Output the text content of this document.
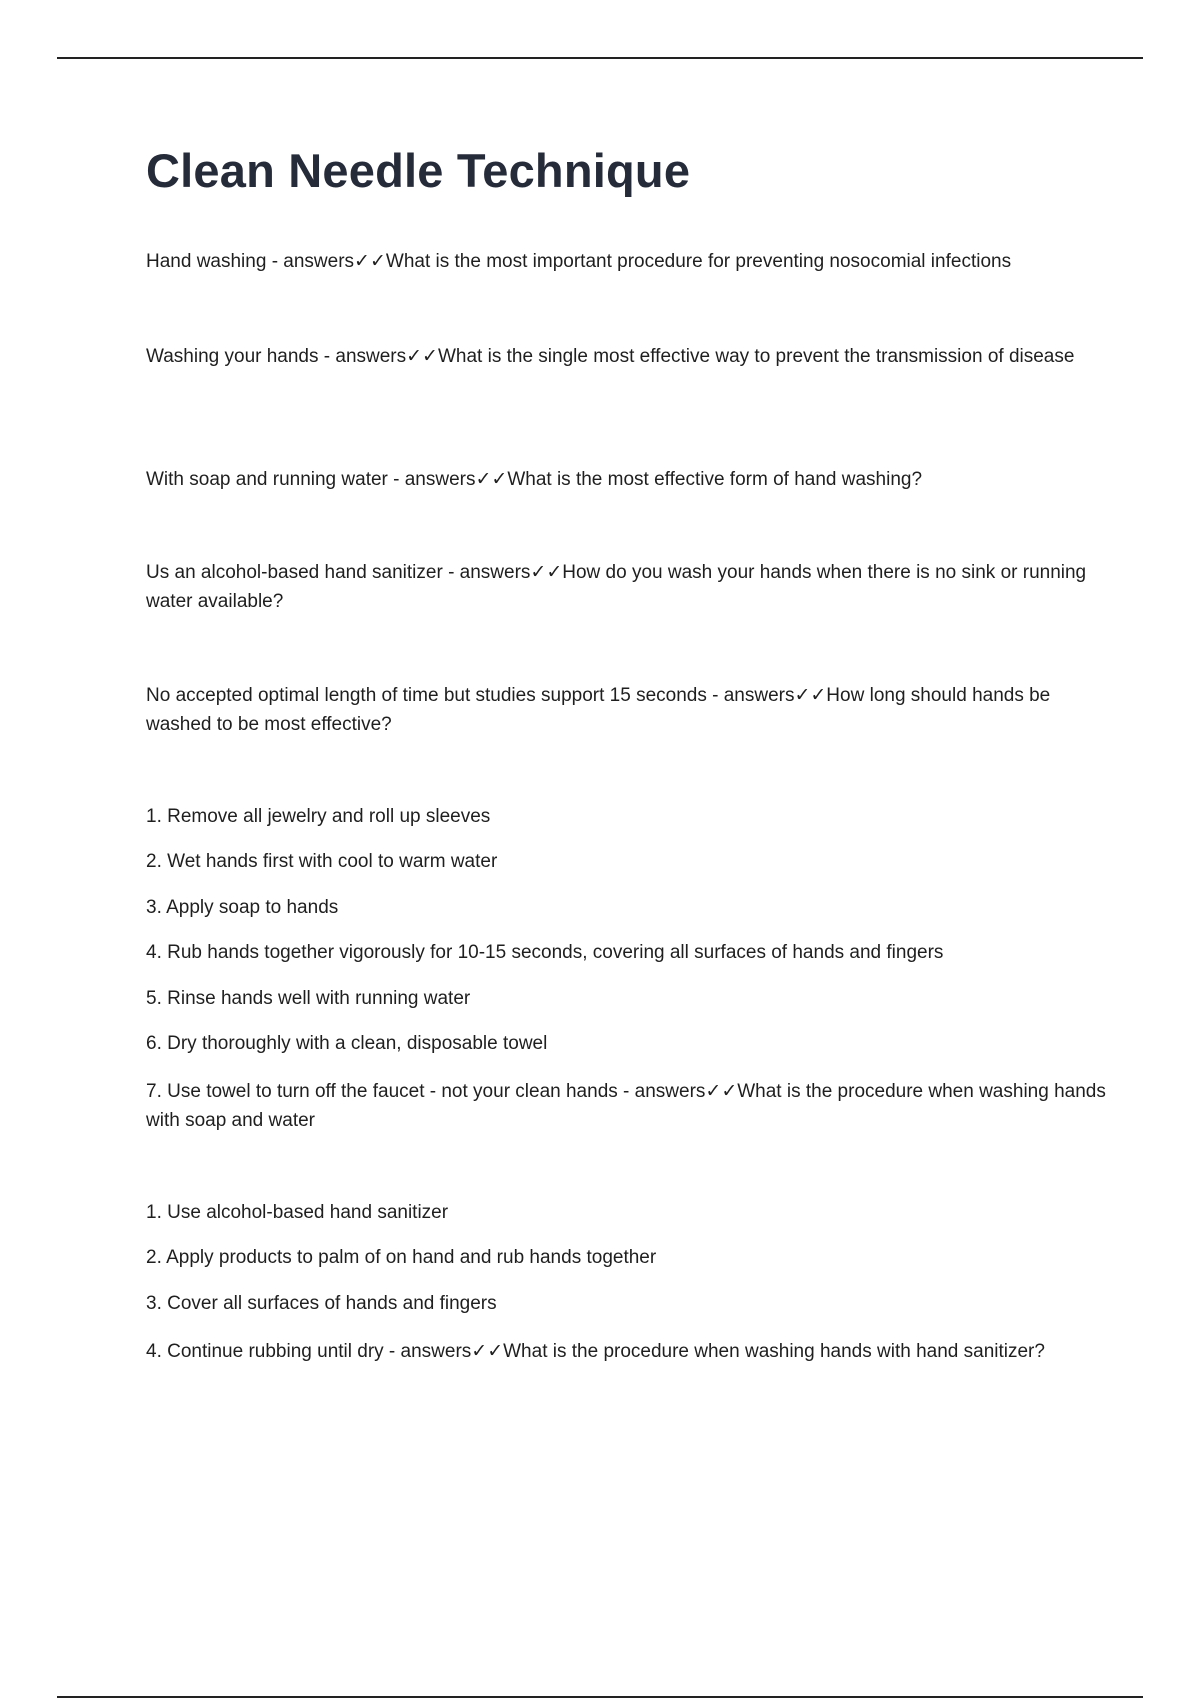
Clean Needle Technique

Hand washing - answers✓✓What is the most important procedure for preventing nosocomial infections

Washing your hands - answers✓✓What is the single most effective way to prevent the transmission of disease

With soap and running water - answers✓✓What is the most effective form of hand washing?

Us an alcohol-based hand sanitizer - answers✓✓How do you wash your hands when there is no sink or running water available?

No accepted optimal length of time but studies support 15 seconds - answers✓✓How long should hands be washed to be most effective?

1. Remove all jewelry and roll up sleeves

2. Wet hands first with cool to warm water

3. Apply soap to hands

4. Rub hands together vigorously for 10-15 seconds, covering all surfaces of hands and fingers

5. Rinse hands well with running water

6. Dry thoroughly with a clean, disposable towel

7. Use towel to turn off the faucet - not your clean hands - answers✓✓What is the procedure when washing hands with soap and water

1. Use alcohol-based hand sanitizer

2. Apply products to palm of on hand and rub hands together

3. Cover all surfaces of hands and fingers

4. Continue rubbing until dry - answers✓✓What is the procedure when washing hands with hand sanitizer?
